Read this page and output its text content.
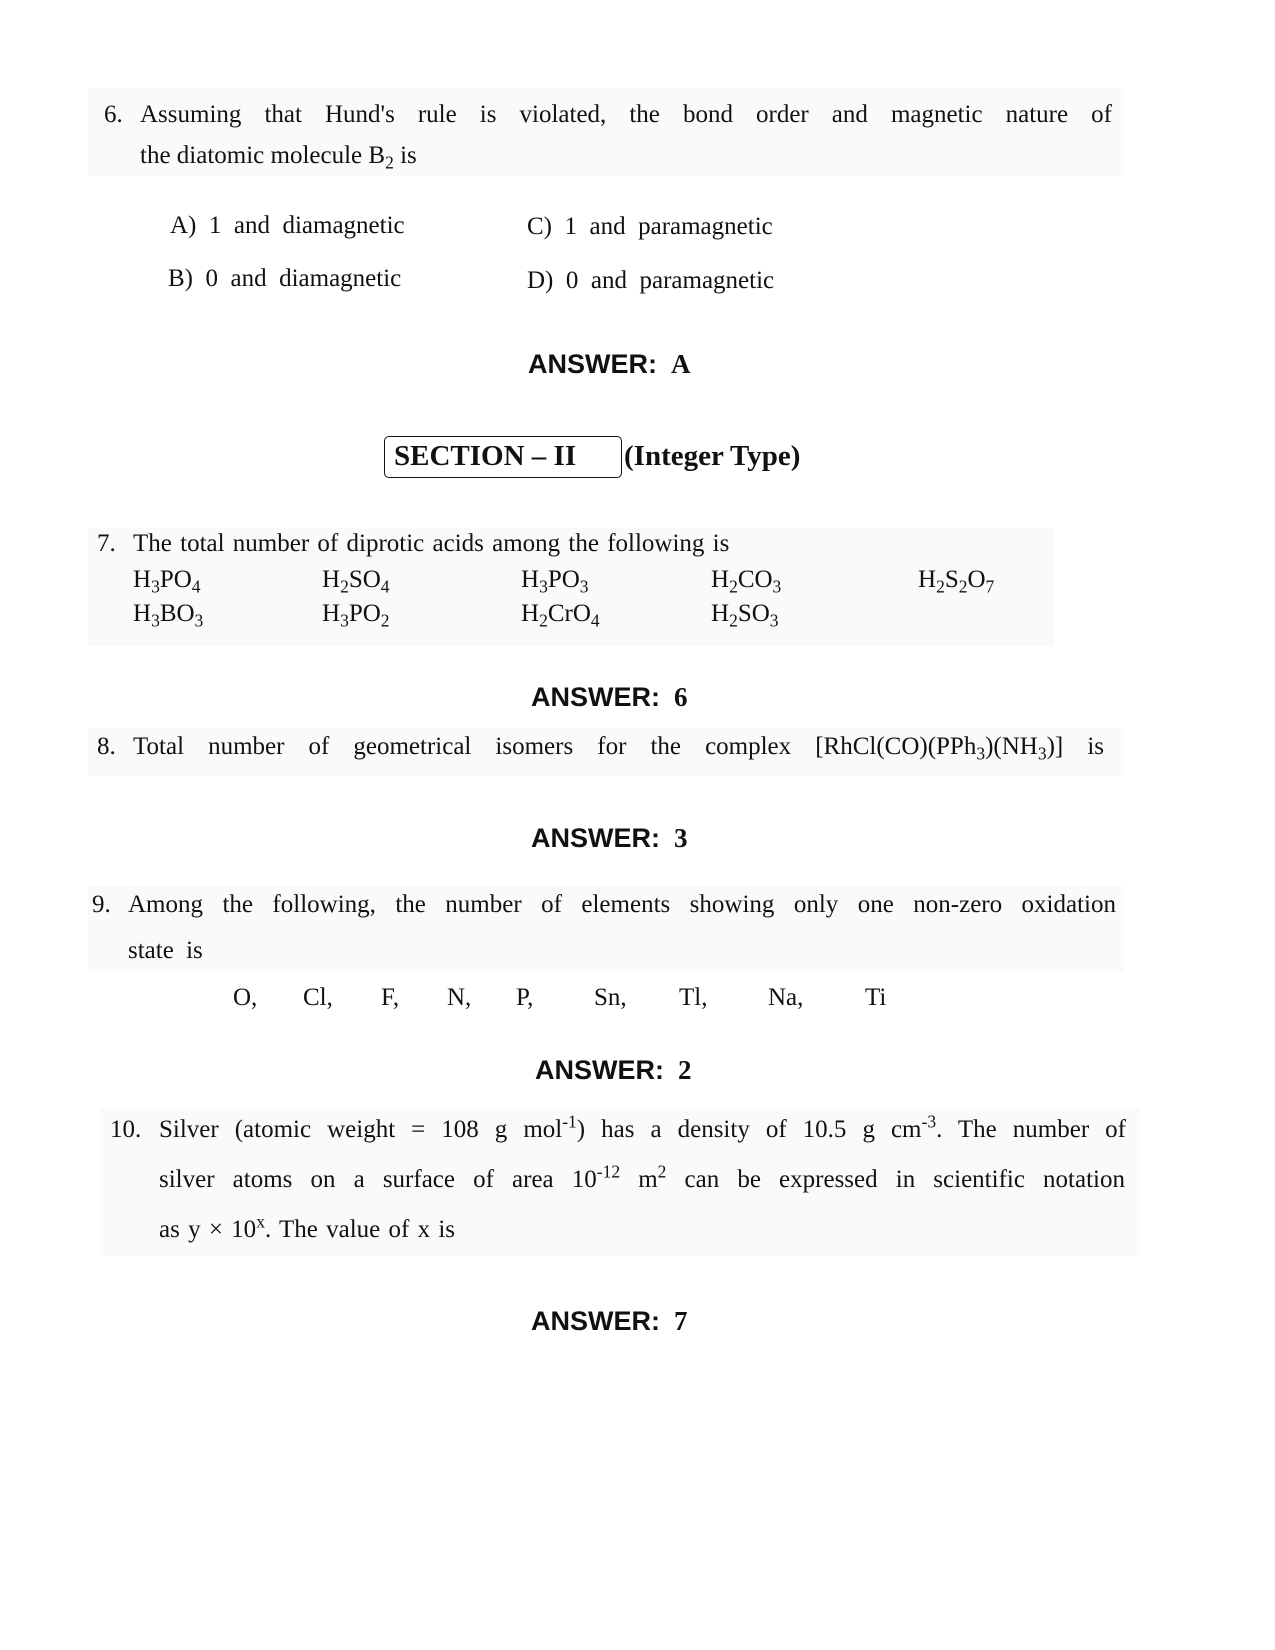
6. Assuming that Hund's rule is violated, the bond order and magnetic nature of
the diatomic molecule $B_2$ is
A)  1  and  diamagnetic
B)  0  and  diamagnetic
C)  1  and  paramagnetic
D)  0  and  paramagnetic
ANSWER: A
SECTION – II (Integer Type)
7. The total number of diprotic acids among the following is
$H_3PO_4$	$H_2SO_4$	$H_3PO_3$	$H_2CO_3$	$H_2S_2O_7$
$H_3BO_3$	$H_3PO_2$	$H_2CrO_4$	$H_2SO_3$
ANSWER: 6
8. Total number of geometrical isomers for the complex $[RhCl(CO)(PPh_3)(NH_3)]$ is
ANSWER: 3
9. Among the following, the number of elements showing only one non-zero oxidation
state is
O, Cl, F, N, P, Sn, Tl, Na, Ti
ANSWER: 2
10. Silver (atomic weight = 108 g mol$^{-1}$) has a density of 10.5 g $cm^{-3}$. The number of
silver atoms on a surface of area $10^{-12}$ $m^2$ can be expressed in scientific notation
as $y \times 10^x$. The value of x is
ANSWER: 7
